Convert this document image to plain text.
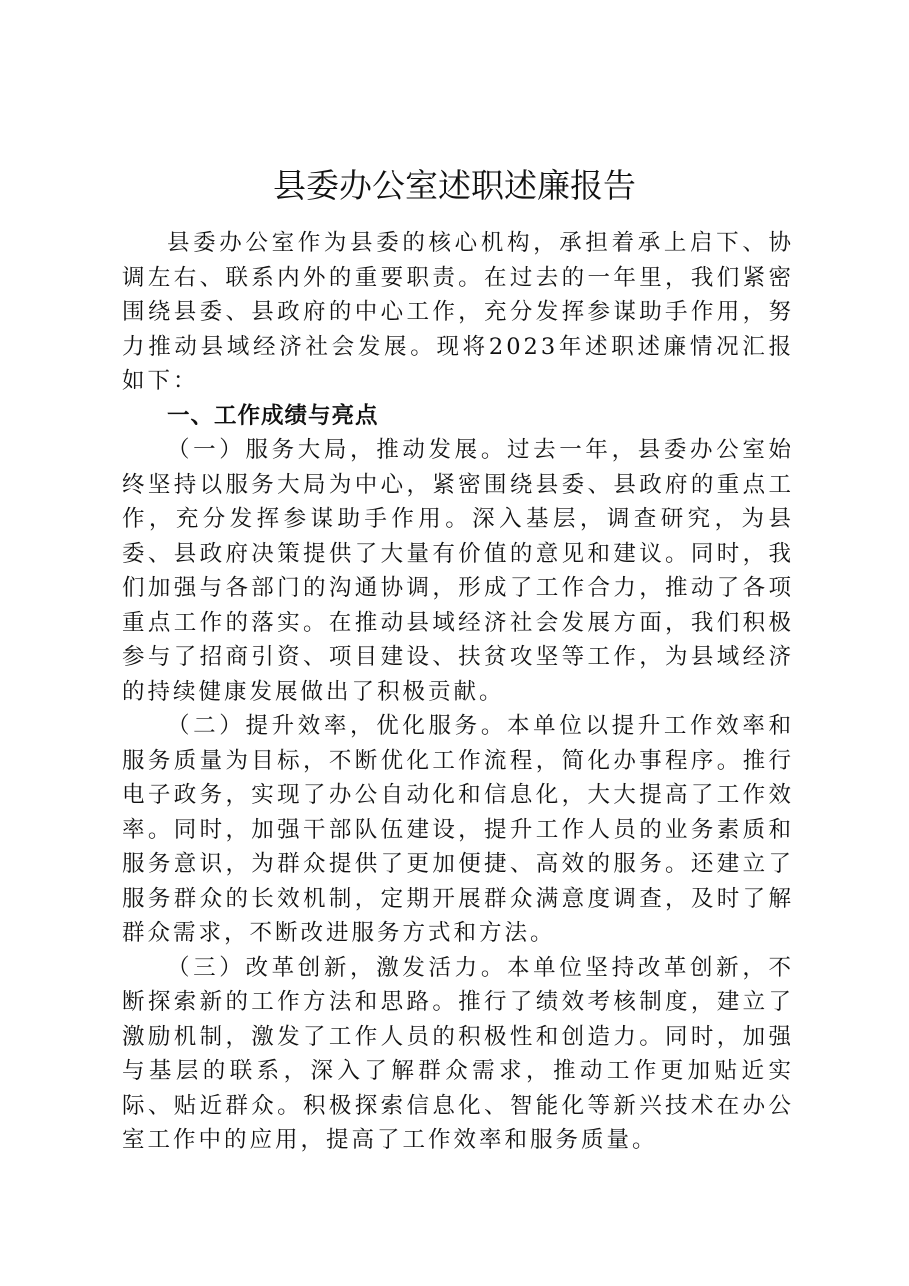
县委办公室述职述廉报告

县委办公室作为县委的核心机构，承担着承上启下、协调左右、联系内外的重要职责。在过去的一年里，我们紧密围绕县委、县政府的中心工作，充分发挥参谋助手作用，努力推动县域经济社会发展。现将2023年述职述廉情况汇报如下：

一、工作成绩与亮点

（一）服务大局，推动发展。过去一年，县委办公室始终坚持以服务大局为中心，紧密围绕县委、县政府的重点工作，充分发挥参谋助手作用。深入基层，调查研究，为县委、县政府决策提供了大量有价值的意见和建议。同时，我们加强与各部门的沟通协调，形成了工作合力，推动了各项重点工作的落实。在推动县域经济社会发展方面，我们积极参与了招商引资、项目建设、扶贫攻坚等工作，为县域经济的持续健康发展做出了积极贡献。

（二）提升效率，优化服务。本单位以提升工作效率和服务质量为目标，不断优化工作流程，简化办事程序。推行电子政务，实现了办公自动化和信息化，大大提高了工作效率。同时，加强干部队伍建设，提升工作人员的业务素质和服务意识，为群众提供了更加便捷、高效的服务。还建立了服务群众的长效机制，定期开展群众满意度调查，及时了解群众需求，不断改进服务方式和方法。

（三）改革创新，激发活力。本单位坚持改革创新，不断探索新的工作方法和思路。推行了绩效考核制度，建立了激励机制，激发了工作人员的积极性和创造力。同时，加强与基层的联系，深入了解群众需求，推动工作更加贴近实际、贴近群众。积极探索信息化、智能化等新兴技术在办公室工作中的应用，提高了工作效率和服务质量。
